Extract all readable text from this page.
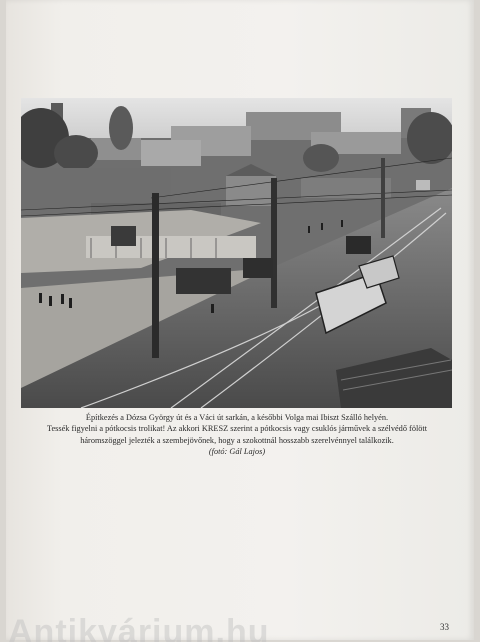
Építkezés a Dózsa György út és a Váci út sarkán, a későbbi Volga mai Ibiszt Szálló helyén.
Tessék figyelni a pótkocsis trolikat! Az akkori KRESZ szerint a pótkocsis vagy csuklós járművek a szélvédő fölött
háromszöggel jelezték a szembejövőnek, hogy a szokottnál hosszabb szerelvénnyel találkozik.
(fotó: Gál Lajos)
33
Antikvárium.hu
